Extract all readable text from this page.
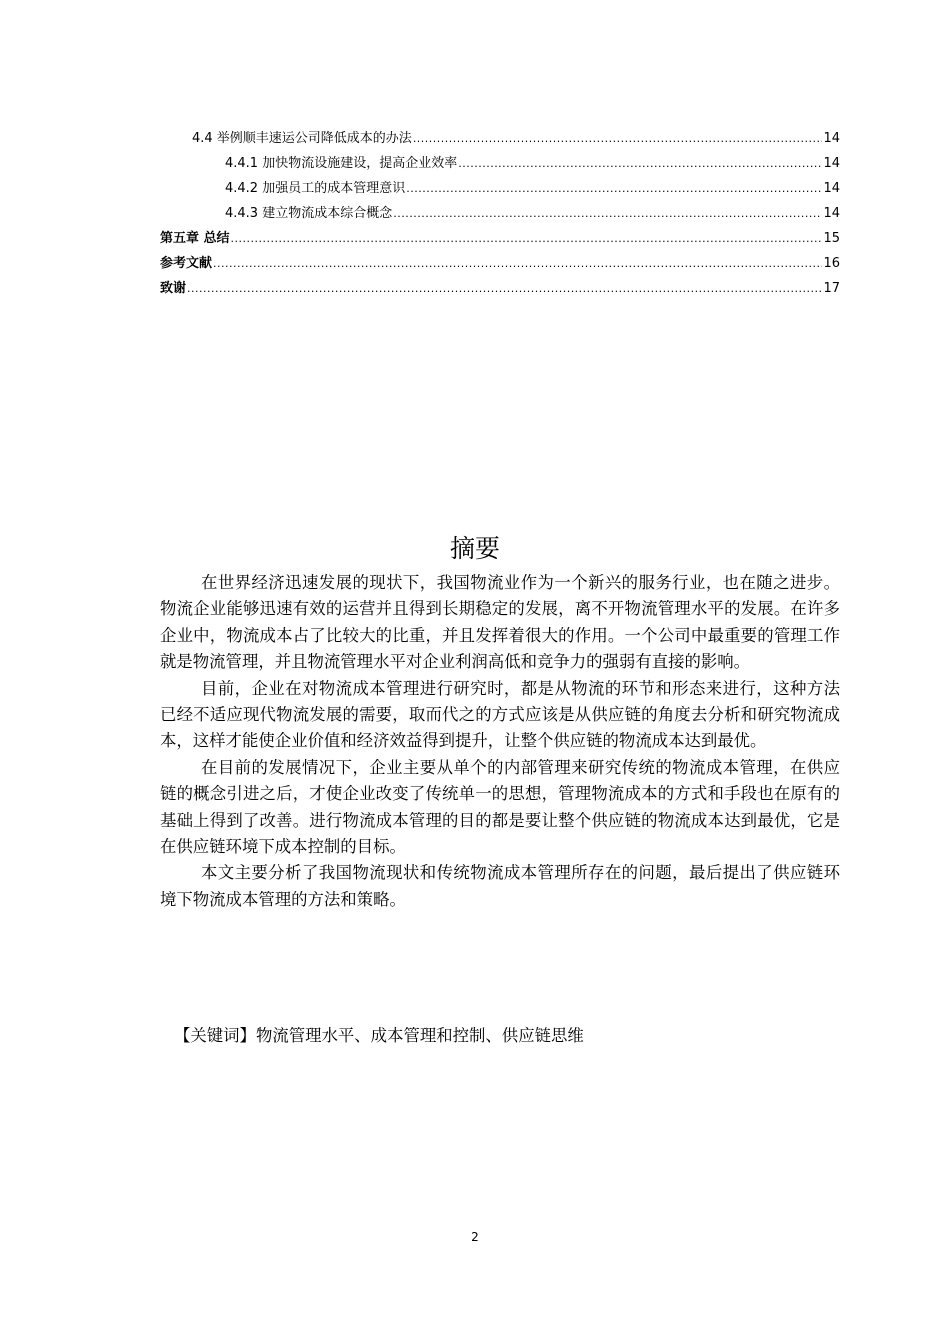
4.4 举例顺丰速运公司降低成本的办法 .....	14
4.4.1 加快物流设施建设，提高企业效率 .....	14
4.4.2 加强员工的成本管理意识 .....	14
4.4.3 建立物流成本综合概念 .....	14
第五章 总结 .....	15
参考文献 .....	16
致谢 .....	17
摘要

在世界经济迅速发展的现状下，我国物流业作为一个新兴的服务行业，也在随之进步。物流企业能够迅速有效的运营并且得到长期稳定的发展，离不开物流管理水平的发展。在许多企业中，物流成本占了比较大的比重，并且发挥着很大的作用。一个公司中最重要的管理工作就是物流管理，并且物流管理水平对企业利润高低和竞争力的强弱有直接的影响。

目前，企业在对物流成本管理进行研究时，都是从物流的环节和形态来进行，这种方法已经不适应现代物流发展的需要，取而代之的方式应该是从供应链的角度去分析和研究物流成本，这样才能使企业价值和经济效益得到提升，让整个供应链的物流成本达到最优。

在目前的发展情况下，企业主要从单个的内部管理来研究传统的物流成本管理，在供应链的概念引进之后，才使企业改变了传统单一的思想，管理物流成本的方式和手段也在原有的基础上得到了改善。进行物流成本管理的目的都是要让整个供应链的物流成本达到最优，它是在供应链环境下成本控制的目标。

本文主要分析了我国物流现状和传统物流成本管理所存在的问题，最后提出了供应链环境下物流成本管理的方法和策略。

【关键词】物流管理水平、成本管理和控制、供应链思维
2
